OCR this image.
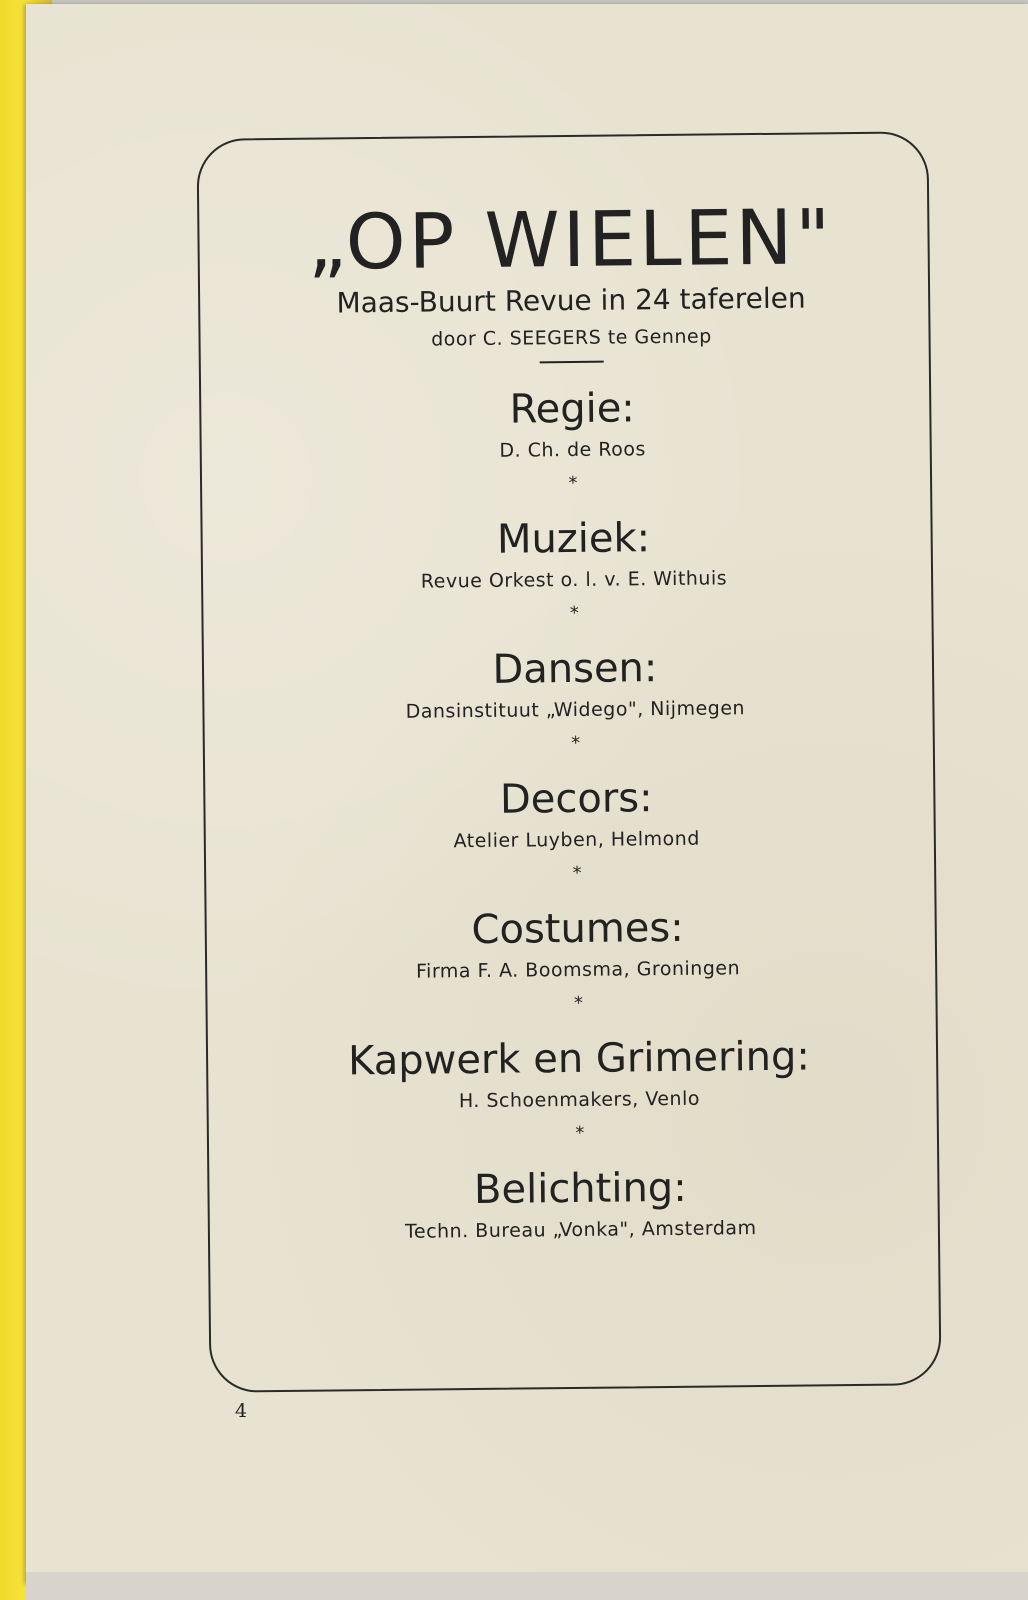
„OP WIELEN"
Maas-Buurt Revue in 24 taferelen
door C. SEEGERS te Gennep
Regie:
D. Ch. de Roos
*
Muziek:
Revue Orkest o. l. v. E. Withuis
*
Dansen:
Dansinstituut „Widego", Nijmegen
*
Decors:
Atelier Luyben, Helmond
*
Costumes:
Firma F. A. Boomsma, Groningen
*
Kapwerk en Grimering:
H. Schoenmakers, Venlo
*
Belichting:
Techn. Bureau „Vonka", Amsterdam
4
